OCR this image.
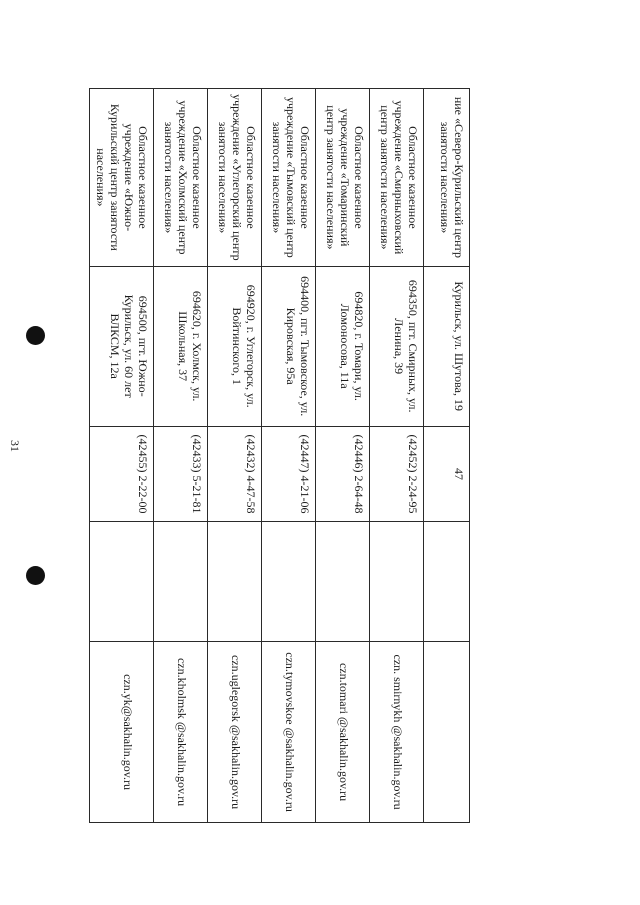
31
ние «Северо-Курильский центр занятости населения»	Курильск, ул. Шутова, 19	47		
Областное казенное учреждение «Смирныховский центр занятости населения»	694350, пгт. Смирных, ул. Ленина, 39	(42452) 2-24-95		czn. smirnykh @sakhalin.gov.ru
Областное казенное учреждение «Томаринский центр занятости населения»	694820, г. Томари, ул. Ломоносова, 11а	(42446) 2-64-48		czn.tomari @sakhalin.gov.ru
Областное казенное учреждение «Тымовский центр занятости населения»	694400, пгт. Тымовское, ул. Кировская, 95а	(42447) 4-21-06		czn.tymovskoe @sakhalin.gov.ru
Областное казенное учреждение «Углегорский центр занятости населения»	694920, г. Углегорск, ул. Войтинского, 1	(42432) 4-47-58		czn.uglegorsk @sakhalin.gov.ru
Областное казенное учреждение «Холмский центр занятости населения»	694620, г. Холмск, ул. Школьная, 37	(42433) 5-21-81		czn.kholmsk @sakhalin.gov.ru
Областное казенное учреждение «Южно-Курильский центр занятости населения»	694500, пгт. Южно-Курильск, ул. 60 лет ВЛКСМ, 12а	(42455) 2-22-00		czn.yk@sakhalin.gov.ru
